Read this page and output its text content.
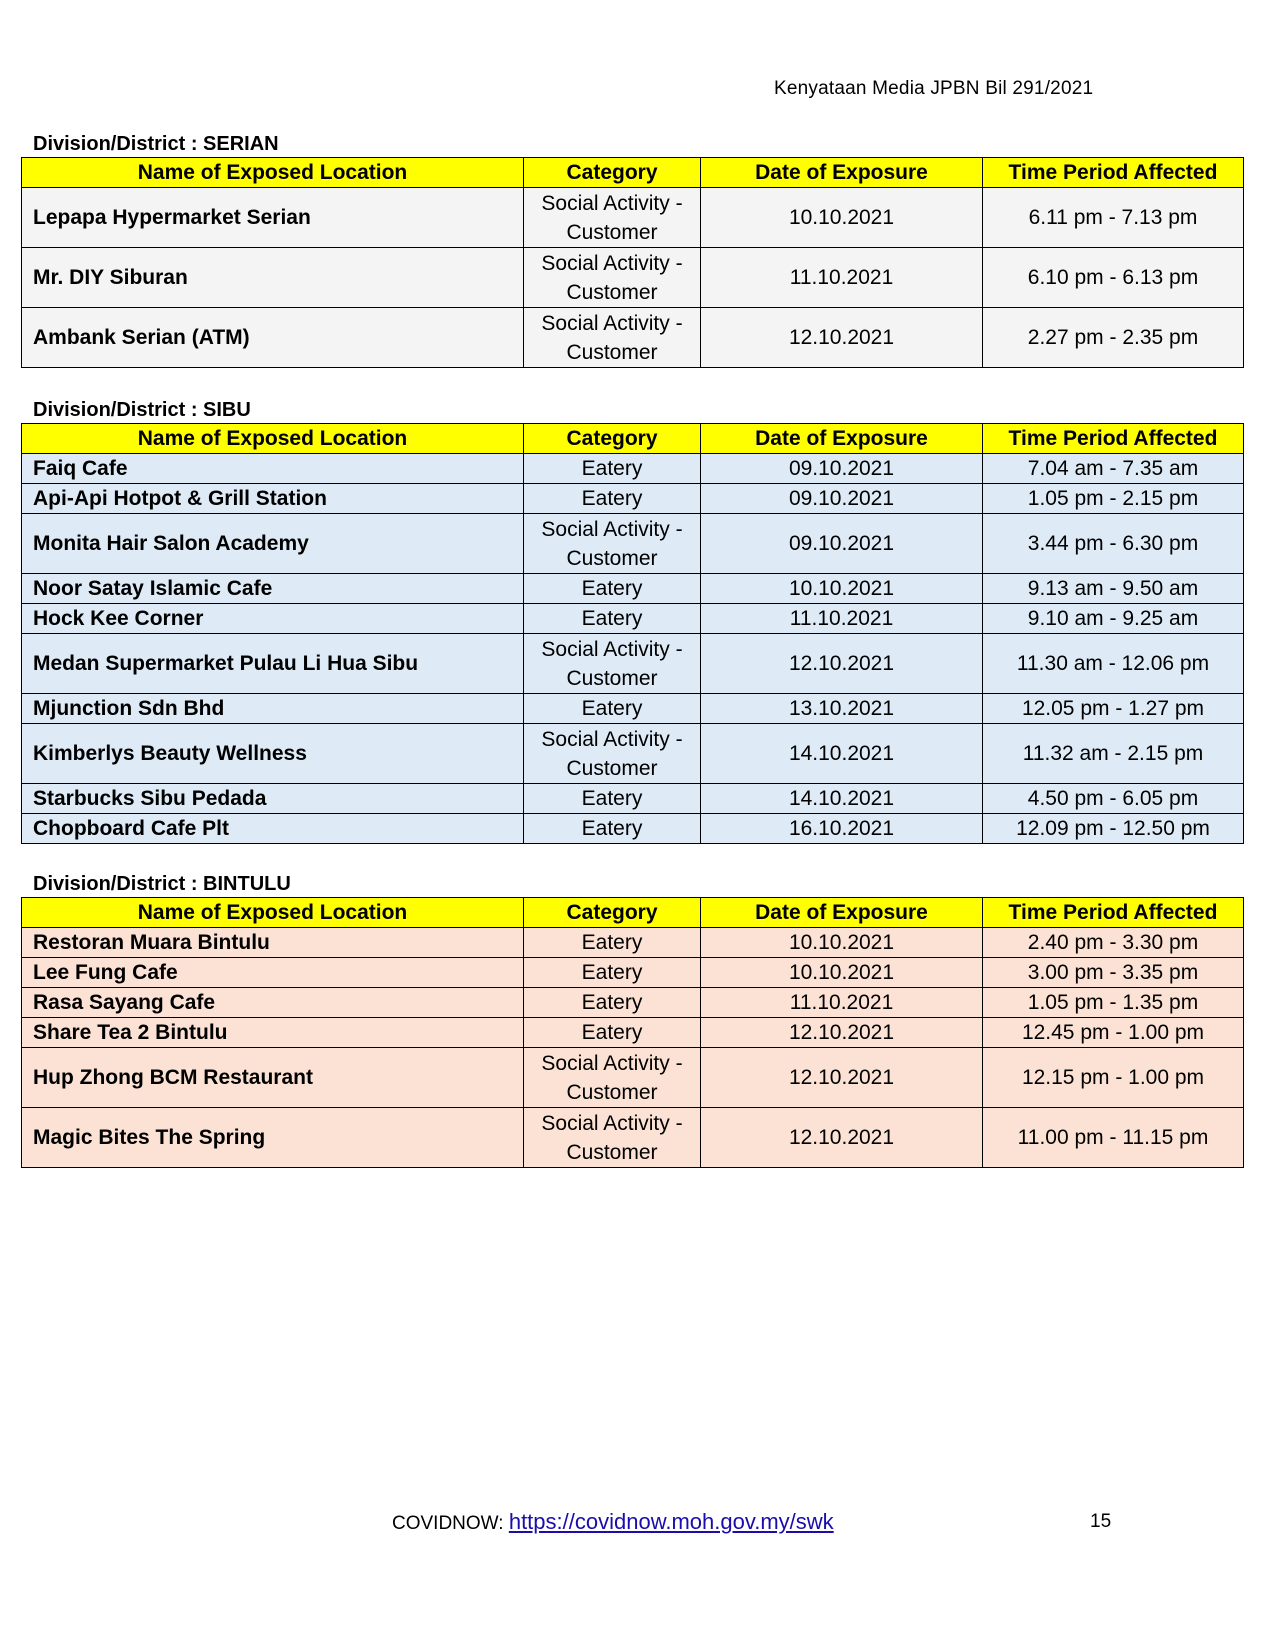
Kenyataan Media JPBN Bil 291/2021
Division/District : SERIAN
Name of Exposed Location	Category	Date of Exposure	Time Period Affected
Lepapa Hypermarket Serian	Social Activity -
Customer	10.10.2021	6.11 pm - 7.13 pm
Mr. DIY Siburan	Social Activity -
Customer	11.10.2021	6.10 pm - 6.13 pm
Ambank Serian (ATM)	Social Activity -
Customer	12.10.2021	2.27 pm - 2.35 pm
Division/District : SIBU
Name of Exposed Location	Category	Date of Exposure	Time Period Affected
Faiq Cafe	Eatery	09.10.2021	7.04 am - 7.35 am
Api-Api Hotpot & Grill Station	Eatery	09.10.2021	1.05 pm - 2.15 pm
Monita Hair Salon Academy	Social Activity -
Customer	09.10.2021	3.44 pm - 6.30 pm
Noor Satay Islamic Cafe	Eatery	10.10.2021	9.13 am - 9.50 am
Hock Kee Corner	Eatery	11.10.2021	9.10 am - 9.25 am
Medan Supermarket Pulau Li Hua Sibu	Social Activity -
Customer	12.10.2021	11.30 am - 12.06 pm
Mjunction Sdn Bhd	Eatery	13.10.2021	12.05 pm - 1.27 pm
Kimberlys Beauty Wellness	Social Activity -
Customer	14.10.2021	11.32 am - 2.15 pm
Starbucks Sibu Pedada	Eatery	14.10.2021	4.50 pm - 6.05 pm
Chopboard Cafe Plt	Eatery	16.10.2021	12.09 pm - 12.50 pm
Division/District : BINTULU
Name of Exposed Location	Category	Date of Exposure	Time Period Affected
Restoran Muara Bintulu	Eatery	10.10.2021	2.40 pm - 3.30 pm
Lee Fung Cafe	Eatery	10.10.2021	3.00 pm - 3.35 pm
Rasa Sayang Cafe	Eatery	11.10.2021	1.05 pm - 1.35 pm
Share Tea 2 Bintulu	Eatery	12.10.2021	12.45 pm - 1.00 pm
Hup Zhong BCM Restaurant	Social Activity -
Customer	12.10.2021	12.15 pm - 1.00 pm
Magic Bites The Spring	Social Activity -
Customer	12.10.2021	11.00 pm - 11.15 pm
COVIDNOW: https://covidnow.moh.gov.my/swk	15
